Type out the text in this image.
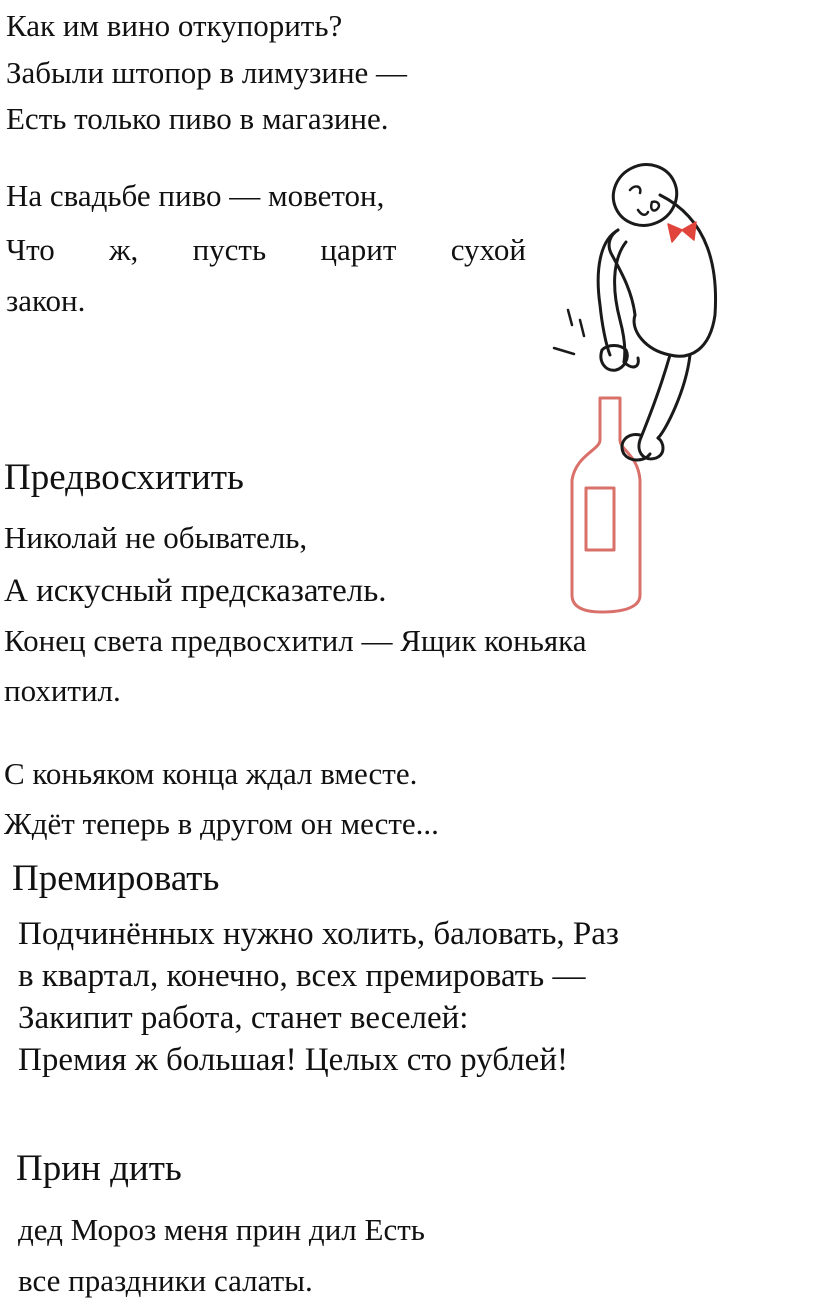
Как им вино откупорить?
Забыли штопор в лимузине —
Есть только пиво в магазине.
На свадьбе пиво — моветон,
Что ж, пусть царит сухой
закон.
Предвосхитить
Николай не обыватель,
А искусный предсказатель.
Конец света предвосхитил — Ящик коньяка
похитил.
С коньяком конца ждал вместе.
Ждёт теперь в другом он месте...
Премировать
Подчинённых нужно холить, баловать, Раз
в квартал, конечно, всех премировать —
Закипит работа, станет веселей:
Премия ж большая! Целых сто рублей!
Прин дить
дед Мороз меня прин дил Есть
все праздники салаты.
